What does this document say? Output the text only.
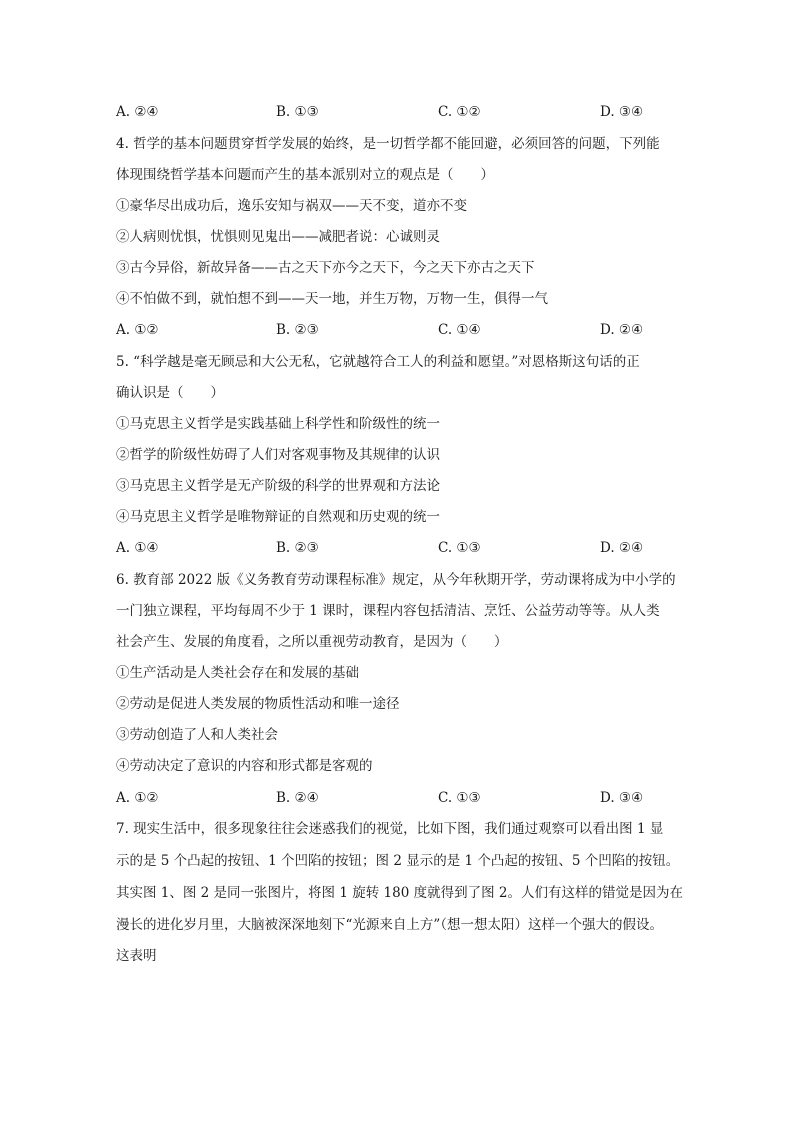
A. ②④	B. ①③	C. ①②	D. ③④
4. 哲学的基本问题贯穿哲学发展的始终，是一切哲学都不能回避，必须回答的问题，下列能
体现围绕哲学基本问题而产生的基本派别对立的观点是（　　）
①豪华尽出成功后，逸乐安知与祸双——天不变，道亦不变
②人病则忧惧，忧惧则见鬼出——减肥者说：心诚则灵
③古今异俗，新故异备——古之天下亦今之天下，今之天下亦古之天下
④不怕做不到，就怕想不到——天一地，并生万物，万物一生，俱得一气
A. ①②	B. ②③	C. ①④	D. ②④
5. “科学越是毫无顾忌和大公无私，它就越符合工人的利益和愿望。”对恩格斯这句话的正
确认识是（　　）
①马克思主义哲学是实践基础上科学性和阶级性的统一
②哲学的阶级性妨碍了人们对客观事物及其规律的认识
③马克思主义哲学是无产阶级的科学的世界观和方法论
④马克思主义哲学是唯物辩证的自然观和历史观的统一
A. ①④	B. ②③	C. ①③	D. ②④
6. 教育部 2022 版《义务教育劳动课程标准》规定，从今年秋期开学，劳动课将成为中小学的
一门独立课程，平均每周不少于 1 课时，课程内容包括清洁、烹饪、公益劳动等等。从人类
社会产生、发展的角度看，之所以重视劳动教育，是因为（　　）
①生产活动是人类社会存在和发展的基础
②劳动是促进人类发展的物质性活动和唯一途径
③劳动创造了人和人类社会
④劳动决定了意识的内容和形式都是客观的
A. ①②	B. ②④	C. ①③	D. ③④
7. 现实生活中，很多现象往往会迷惑我们的视觉，比如下图，我们通过观察可以看出图 1 显
示的是 5 个凸起的按钮、1 个凹陷的按钮；图 2 显示的是 1 个凸起的按钮、5 个凹陷的按钮。
其实图 1、图 2 是同一张图片，将图 1 旋转 180 度就得到了图 2。人们有这样的错觉是因为在
漫长的进化岁月里，大脑被深深地刻下“光源来自上方”（想一想太阳）这样一个强大的假设。
这表明
